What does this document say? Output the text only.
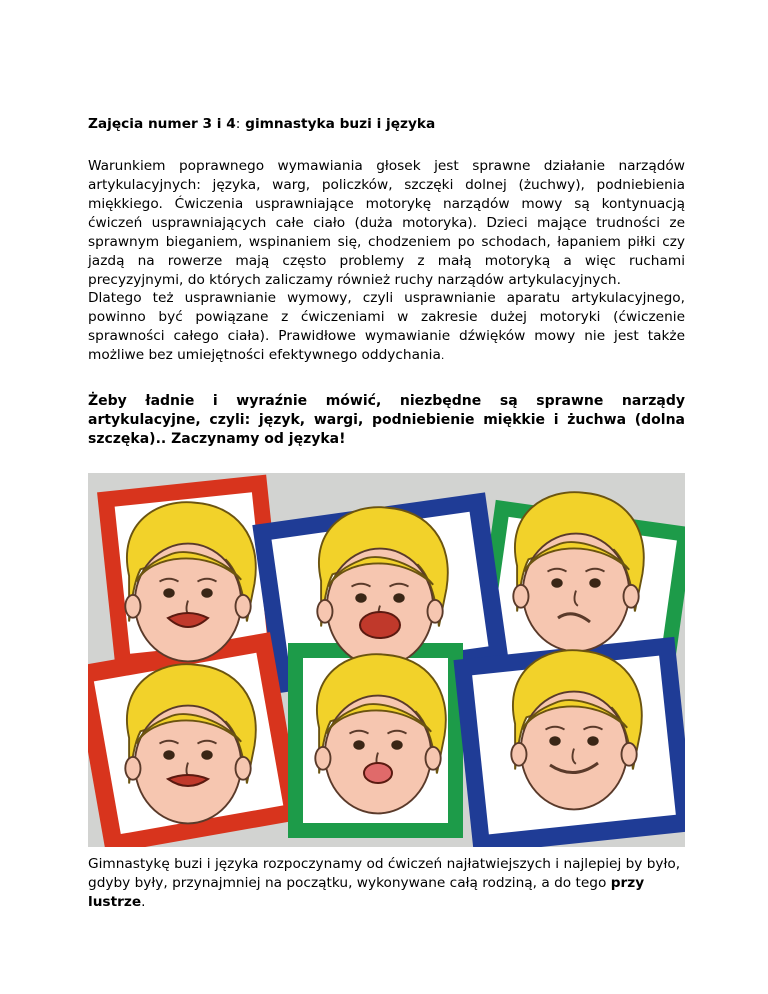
Zajęcia numer 3 i 4: gimnastyka buzi i języka

Warunkiem poprawnego wymawiania głosek jest sprawne działanie narządów artykulacyjnych: języka, warg, policzków, szczęki dolnej (żuchwy), podniebienia miękkiego. Ćwiczenia usprawniające motorykę narządów mowy są kontynuacją ćwiczeń usprawniających całe ciało (duża motoryka). Dzieci mające trudności ze sprawnym bieganiem, wspinaniem się, chodzeniem po schodach, łapaniem piłki czy jazdą na rowerze mają często problemy z małą motoryką a więc ruchami precyzyjnymi, do których zaliczamy również ruchy narządów artykulacyjnych.

Dlatego też usprawnianie wymowy, czyli usprawnianie aparatu artykulacyjnego, powinno być powiązane z ćwiczeniami w zakresie dużej motoryki (ćwiczenie sprawności całego ciała). Prawidłowe wymawianie dźwięków mowy nie jest także możliwe bez umiejętności efektywnego oddychania.

Żeby ładnie i wyraźnie mówić, niezbędne są sprawne narządy artykulacyjne, czyli: język, wargi, podniebienie miękkie i żuchwa (dolna szczęka).. Zaczynamy od języka!

Gimnastykę buzi i języka rozpoczynamy od ćwiczeń najłatwiejszych i najlepiej by było, gdyby były, przynajmniej na początku, wykonywane całą rodziną, a do tego przy lustrze.
